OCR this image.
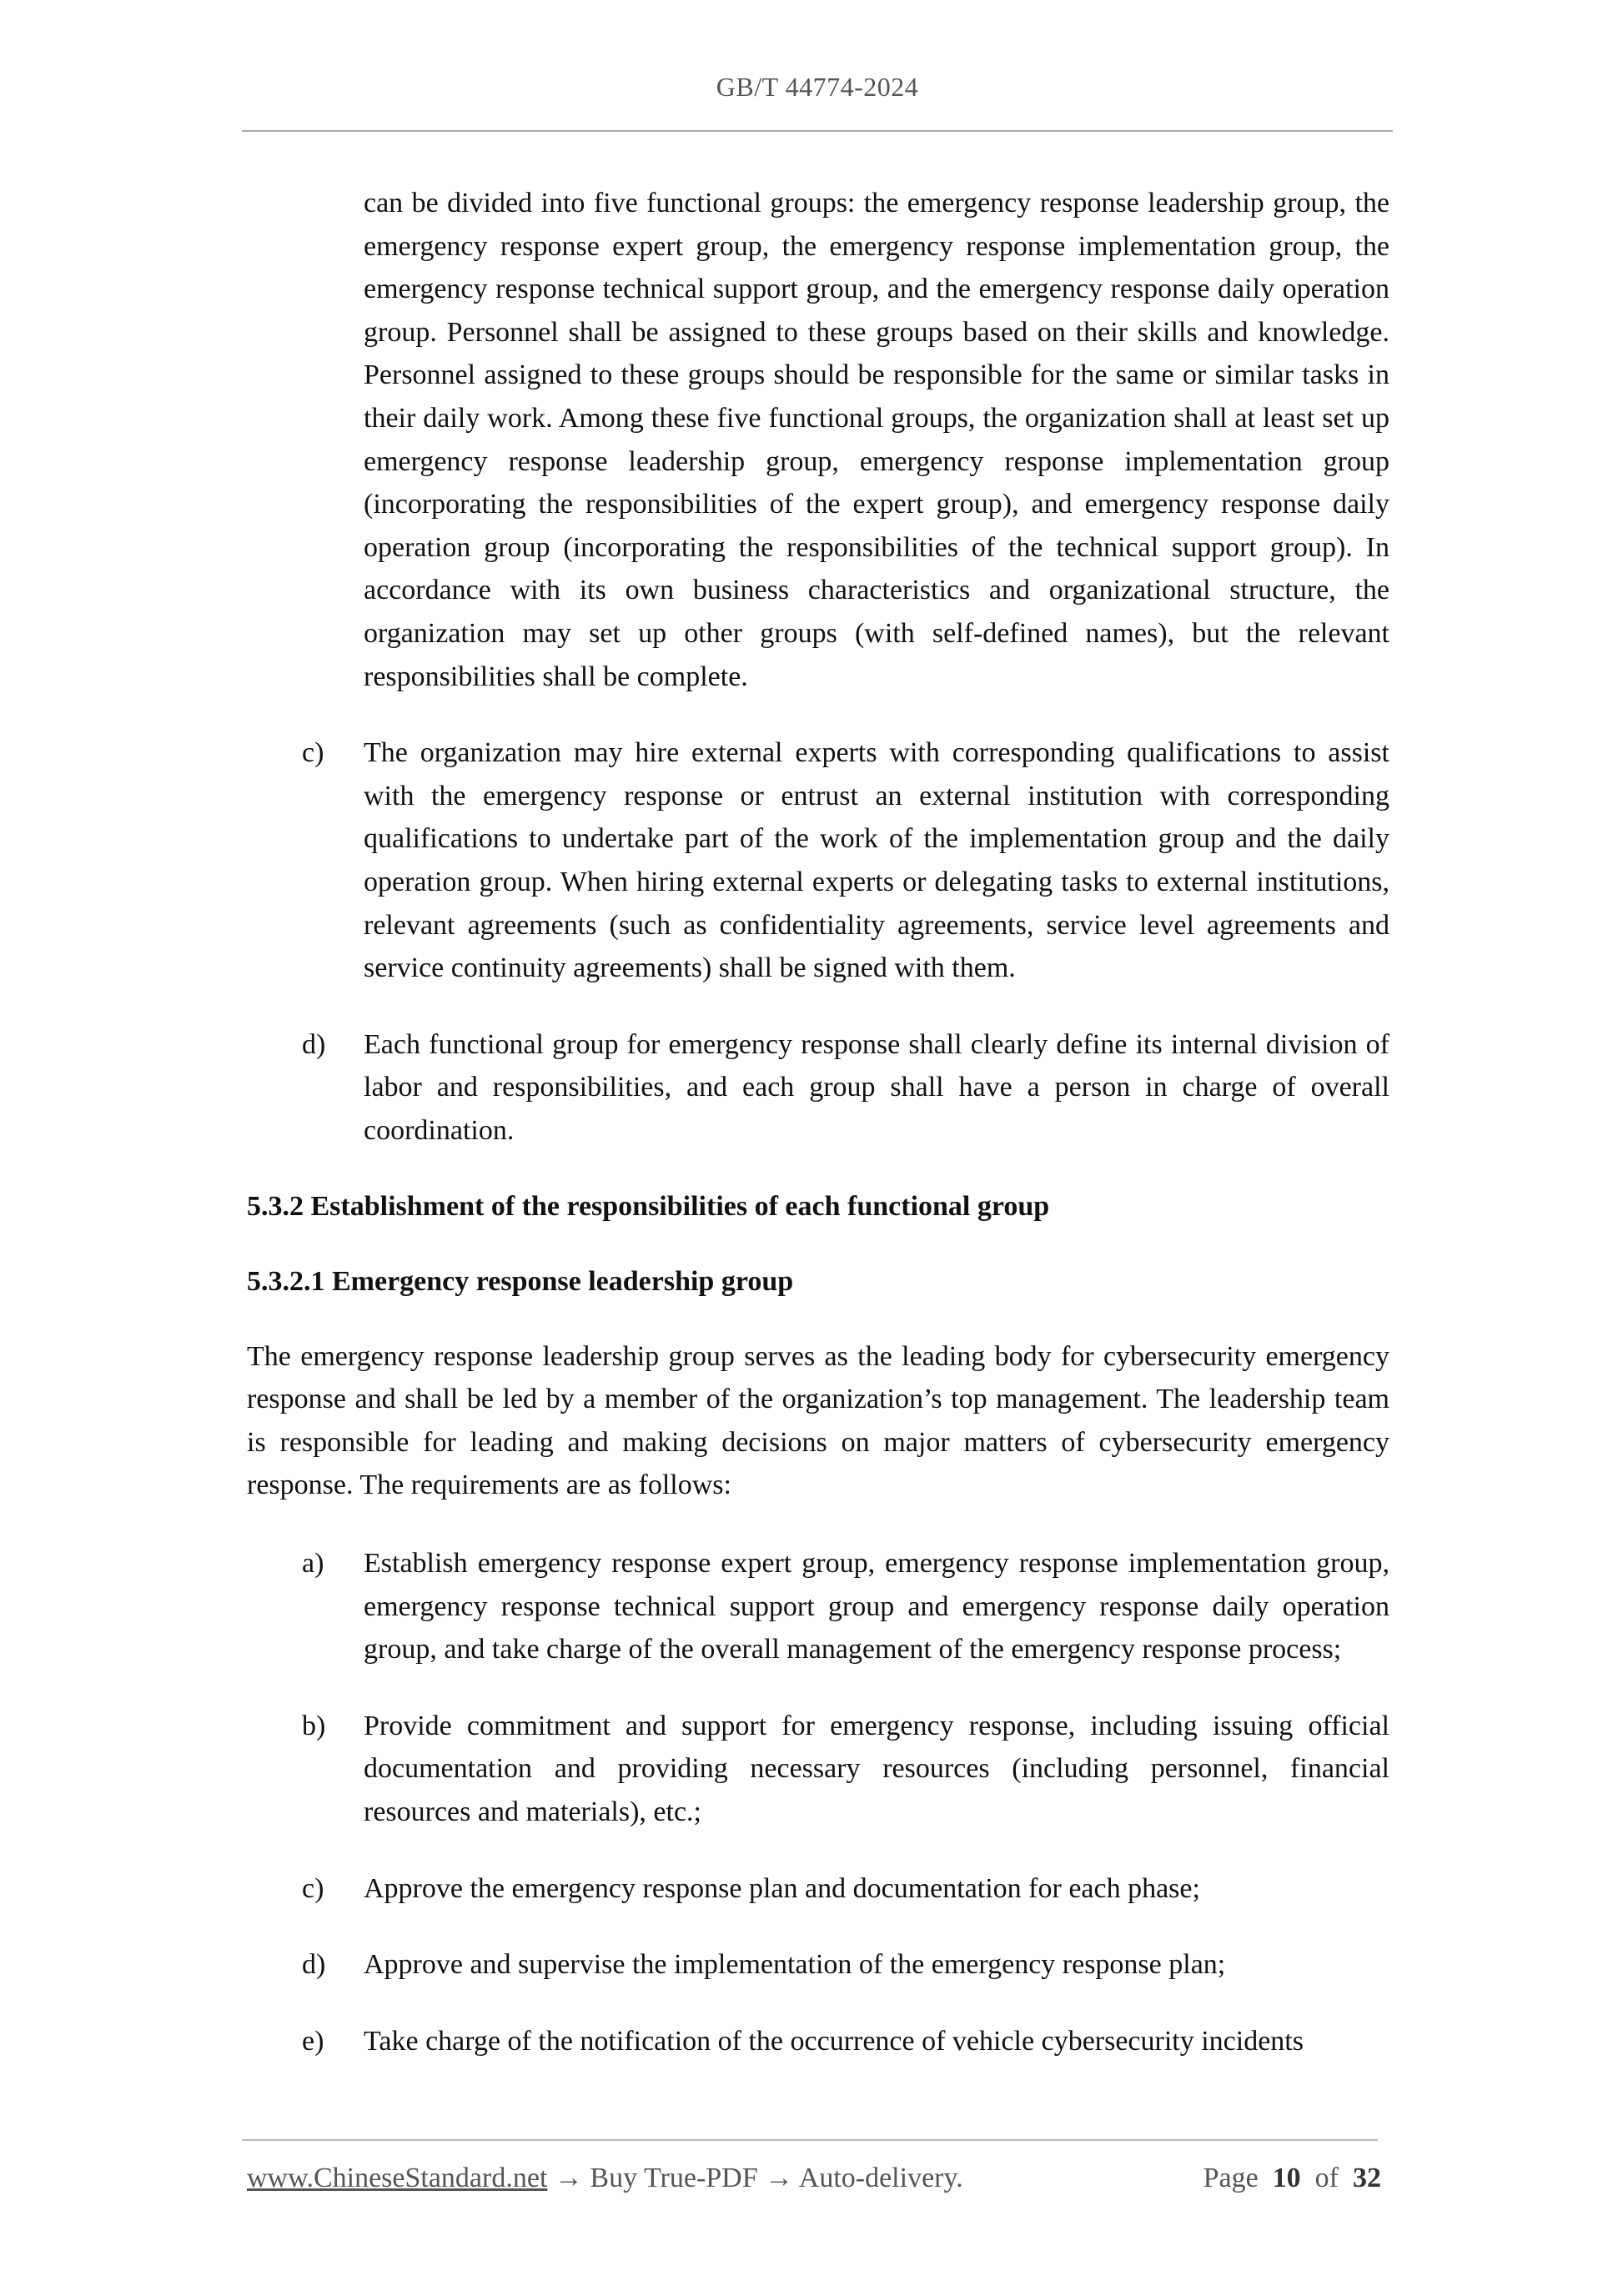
GB/T 44774-2024

can be divided into five functional groups: the emergency response leadership group, the emergency response expert group, the emergency response implementation group, the emergency response technical support group, and the emergency response daily operation group. Personnel shall be assigned to these groups based on their skills and knowledge. Personnel assigned to these groups should be responsible for the same or similar tasks in their daily work. Among these five functional groups, the organization shall at least set up emergency response leadership group, emergency response implementation group (incorporating the responsibilities of the expert group), and emergency response daily operation group (incorporating the responsibilities of the technical support group). In accordance with its own business characteristics and organizational structure, the organization may set up other groups (with self-defined names), but the relevant responsibilities shall be complete.

c) The organization may hire external experts with corresponding qualifications to assist with the emergency response or entrust an external institution with corresponding qualifications to undertake part of the work of the implementation group and the daily operation group. When hiring external experts or delegating tasks to external institutions, relevant agreements (such as confidentiality agreements, service level agreements and service continuity agreements) shall be signed with them.
d) Each functional group for emergency response shall clearly define its internal division of labor and responsibilities, and each group shall have a person in charge of overall coordination.
5.3.2 Establishment of the responsibilities of each functional group
5.3.2.1 Emergency response leadership group

The emergency response leadership group serves as the leading body for cybersecurity emergency response and shall be led by a member of the organization’s top management. The leadership team is responsible for leading and making decisions on major matters of cybersecurity emergency response. The requirements are as follows:

a) Establish emergency response expert group, emergency response implementation group, emergency response technical support group and emergency response daily operation group, and take charge of the overall management of the emergency response process;
b) Provide commitment and support for emergency response, including issuing official documentation and providing necessary resources (including personnel, financial resources and materials), etc.;
c) Approve the emergency response plan and documentation for each phase;
d) Approve and supervise the implementation of the emergency response plan;
e) Take charge of the notification of the occurrence of vehicle cybersecurity incidents
www.ChineseStandard.net → Buy True-PDF → Auto-delivery.	Page 10 of 32
